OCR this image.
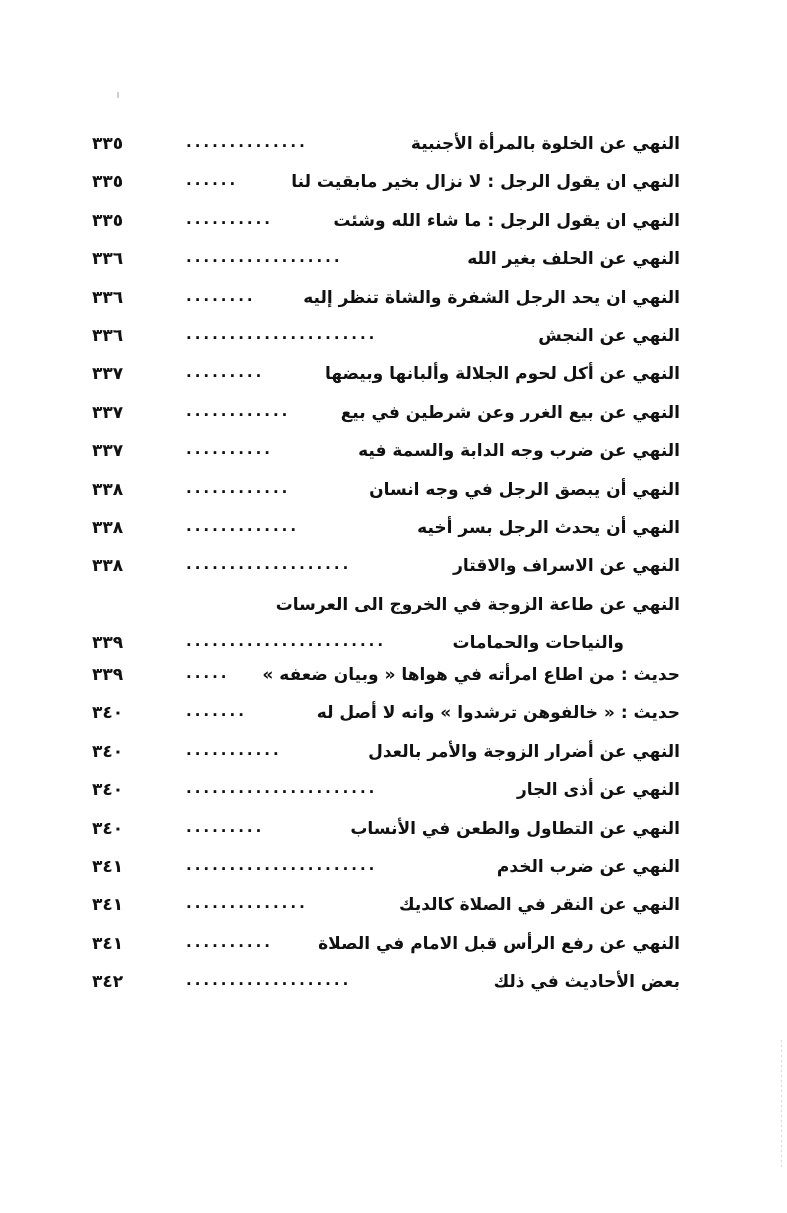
٣٣٥	..............	النهي عن الخلوة بالمرأة الأجنبية
٣٣٥	......	النهي ان يقول الرجل : لا نزال بخير مابقيت لنا
٣٣٥	..........	النهي ان يقول الرجل : ما شاء الله وشئت
٣٣٦	..................	النهي عن الحلف بغير الله
٣٣٦	........	النهي ان يحد الرجل الشفرة والشاة تنظر إليه
٣٣٦	......................	النهي عن النجش
٣٣٧	.........	النهي عن أكل لحوم الجلالة وألبانها وبيضها
٣٣٧	............	النهي عن بيع الغرر وعن شرطين في بيع
٣٣٧	..........	النهي عن ضرب وجه الدابة والسمة فيه
٣٣٨	............	النهي أن يبصق الرجل في وجه انسان
٣٣٨	.............	النهي أن يحدث الرجل بسر أخيه
٣٣٨	...................	النهي عن الاسراف والاقتار
النهي عن طاعة الزوجة في الخروج الى العرسات
٣٣٩	.......................	والنياحات والحمامات
٣٣٩	..... حديث : من اطاع امرأته في هواها « وبيان ضعفه »
٣٤٠	.......	حديث : « خالفوهن ترشدوا » وانه لا أصل له
٣٤٠	...........	النهي عن أضرار الزوجة والأمر بالعدل
٣٤٠	......................	النهي عن أذى الجار
٣٤٠	.........	النهي عن التطاول والطعن في الأنساب
٣٤١	......................	النهي عن ضرب الخدم
٣٤١	..............	النهي عن النقر في الصلاة كالديك
٣٤١	..........	النهي عن رفع الرأس قبل الامام في الصلاة
٣٤٢	...................	بعض الأحاديث في ذلك
